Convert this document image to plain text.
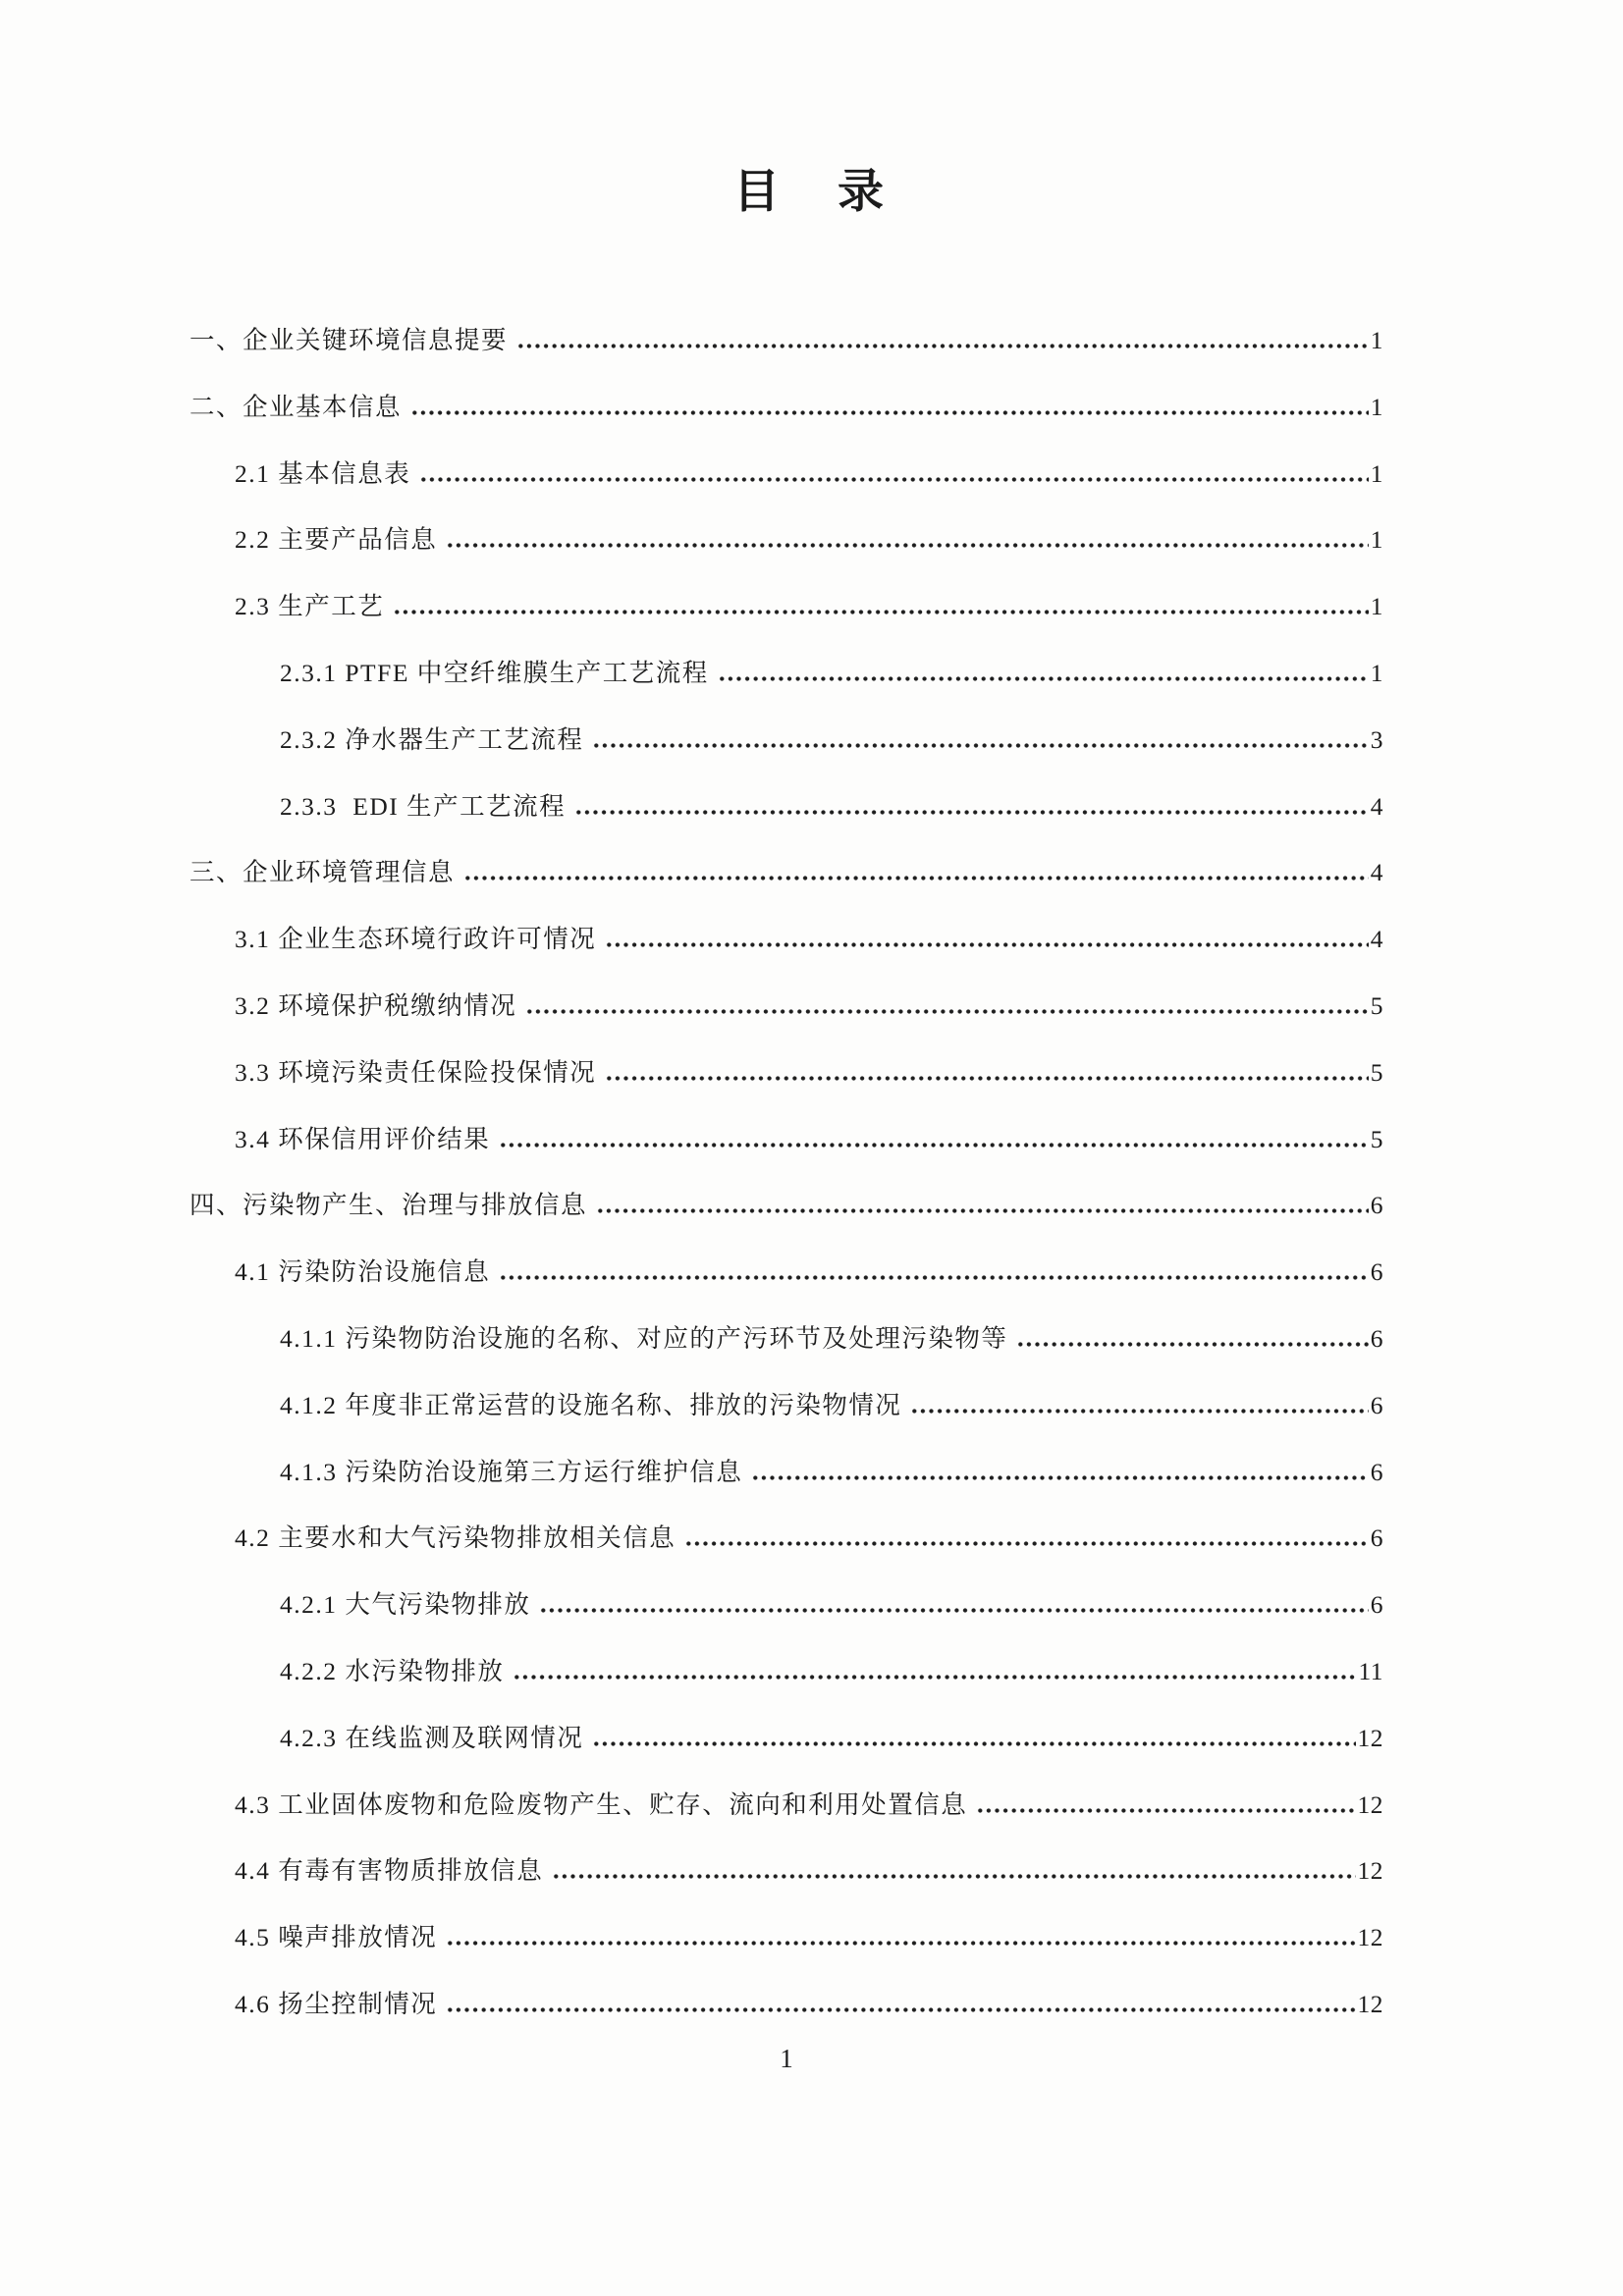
目　录
一、企业关键环境信息提要	1
二、企业基本信息	1
2.1 基本信息表	1
2.2 主要产品信息	1
2.3 生产工艺	1
2.3.1 PTFE 中空纤维膜生产工艺流程	1
2.3.2 净水器生产工艺流程	3
2.3.3  EDI 生产工艺流程	4
三、企业环境管理信息	4
3.1 企业生态环境行政许可情况	4
3.2 环境保护税缴纳情况	5
3.3 环境污染责任保险投保情况	5
3.4 环保信用评价结果	5
四、污染物产生、治理与排放信息	6
4.1 污染防治设施信息	6
4.1.1 污染物防治设施的名称、对应的产污环节及处理污染物等	6
4.1.2 年度非正常运营的设施名称、排放的污染物情况	6
4.1.3 污染防治设施第三方运行维护信息	6
4.2 主要水和大气污染物排放相关信息	6
4.2.1 大气污染物排放	6
4.2.2 水污染物排放	11
4.2.3 在线监测及联网情况	12
4.3 工业固体废物和危险废物产生、贮存、流向和利用处置信息	12
4.4 有毒有害物质排放信息	12
4.5 噪声排放情况	12
4.6 扬尘控制情况	12
1
